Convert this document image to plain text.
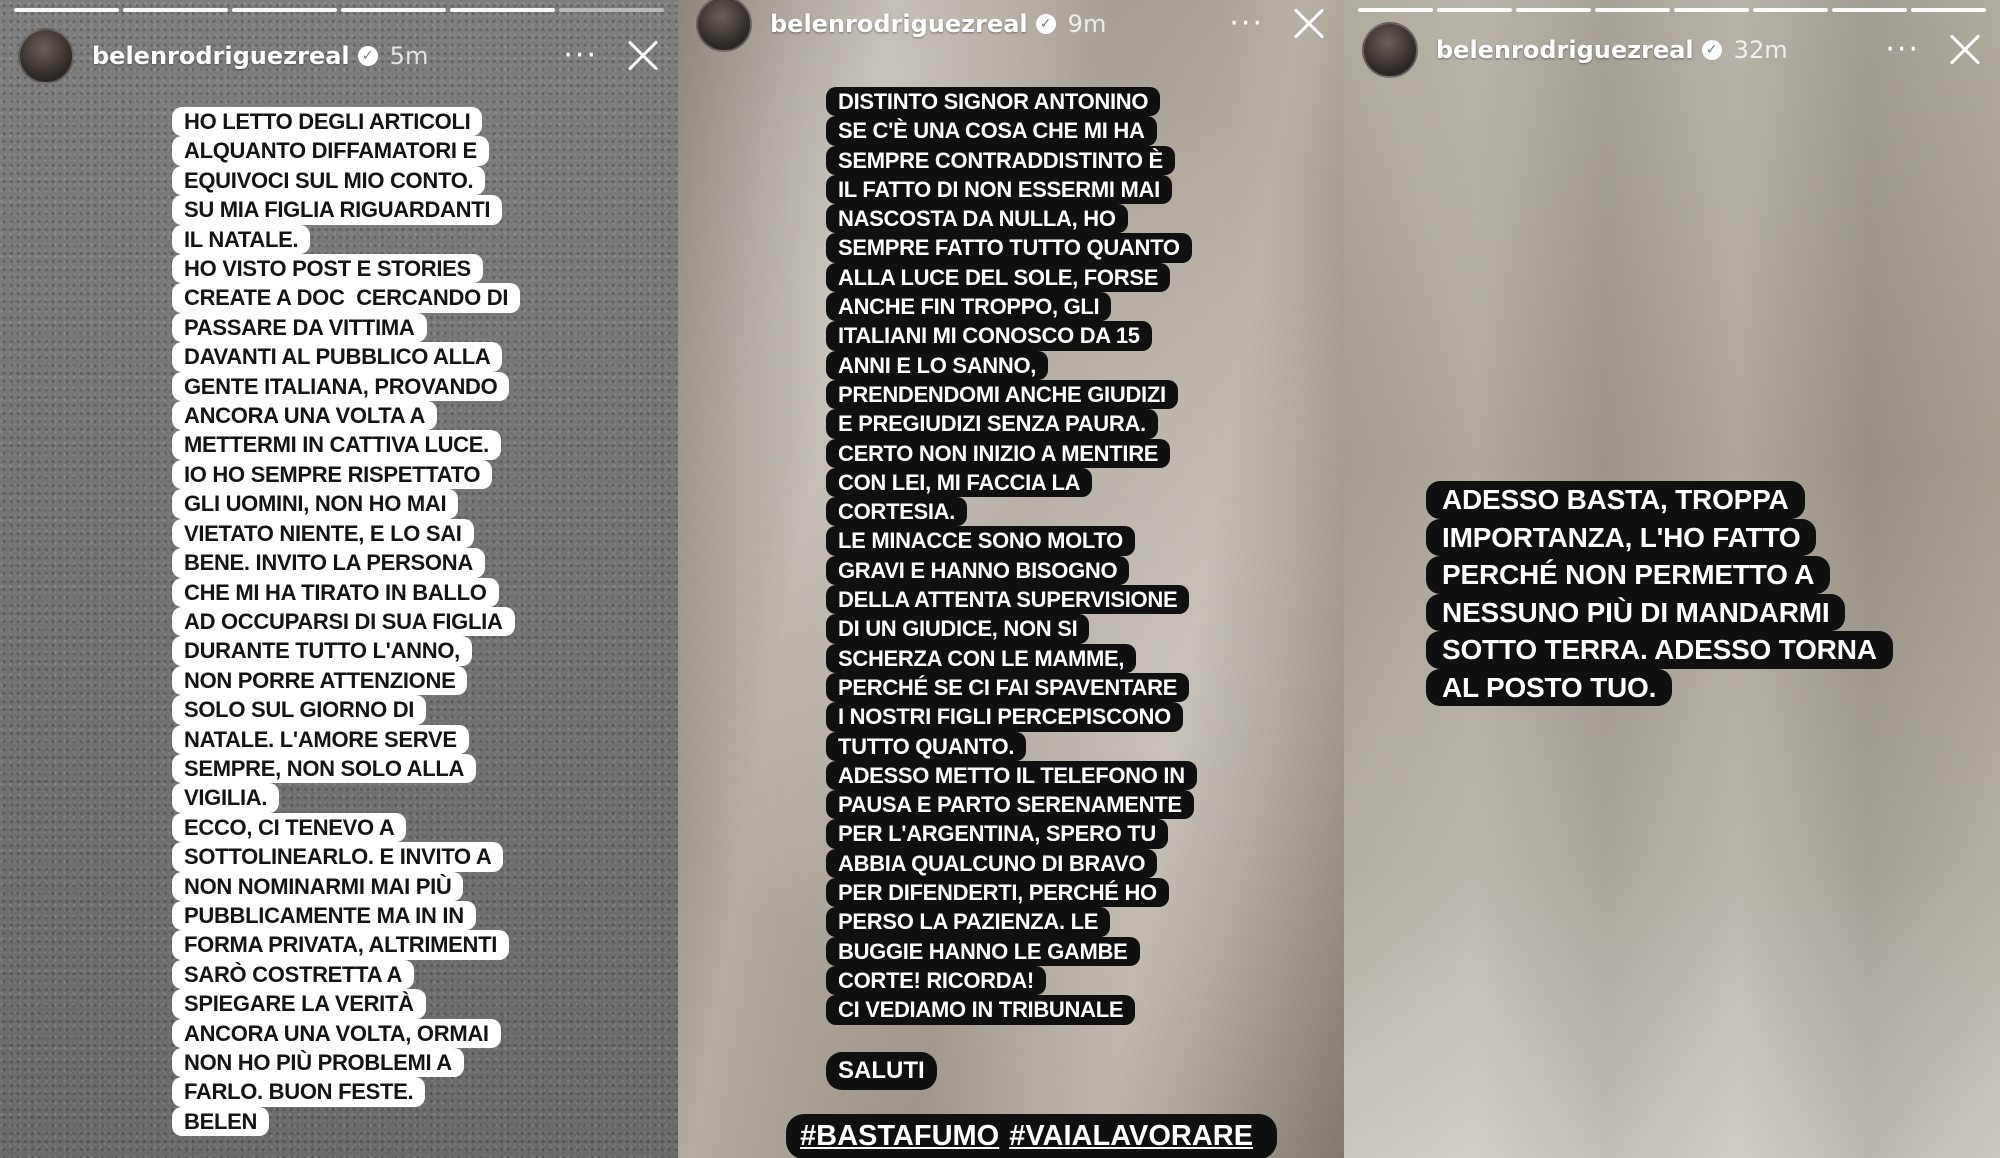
belenrodriguezreal ✓ 5m	···
HO LETTO DEGLI ARTICOLI
ALQUANTO DIFFAMATORI E
EQUIVOCI SUL MIO CONTO.
SU MIA FIGLIA RIGUARDANTI
IL NATALE.
HO VISTO POST E STORIES
CREATE A DOC  CERCANDO DI
PASSARE DA VITTIMA
DAVANTI AL PUBBLICO ALLA
GENTE ITALIANA, PROVANDO
ANCORA UNA VOLTA A
METTERMI IN CATTIVA LUCE.
IO HO SEMPRE RISPETTATO
GLI UOMINI, NON HO MAI
VIETATO NIENTE, E LO SAI
BENE. INVITO LA PERSONA
CHE MI HA TIRATO IN BALLO
AD OCCUPARSI DI SUA FIGLIA
DURANTE TUTTO L'ANNO,
NON PORRE ATTENZIONE
SOLO SUL GIORNO DI
NATALE. L'AMORE SERVE
SEMPRE, NON SOLO ALLA
VIGILIA.
ECCO, CI TENEVO A
SOTTOLINEARLO. E INVITO A
NON NOMINARMI MAI PIÙ
PUBBLICAMENTE MA IN IN
FORMA PRIVATA, ALTRIMENTI
SARÒ COSTRETTA A
SPIEGARE LA VERITÀ
ANCORA UNA VOLTA, ORMAI
NON HO PIÙ PROBLEMI A
FARLO. BUON FESTE.
BELEN
belenrodriguezreal ✓ 9m	···
DISTINTO SIGNOR ANTONINO
SE C'È UNA COSA CHE MI HA
SEMPRE CONTRADDISTINTO È
IL FATTO DI NON ESSERMI MAI
NASCOSTA DA NULLA, HO
SEMPRE FATTO TUTTO QUANTO
ALLA LUCE DEL SOLE, FORSE
ANCHE FIN TROPPO, GLI
ITALIANI MI CONOSCO DA 15
ANNI E LO SANNO,
PRENDENDOMI ANCHE GIUDIZI
E PREGIUDIZI SENZA PAURA.
CERTO NON INIZIO A MENTIRE
CON LEI, MI FACCIA LA
CORTESIA.
LE MINACCE SONO MOLTO
GRAVI E HANNO BISOGNO
DELLA ATTENTA SUPERVISIONE
DI UN GIUDICE, NON SI
SCHERZA CON LE MAMME,
PERCHÉ SE CI FAI SPAVENTARE
I NOSTRI FIGLI PERCEPISCONO
TUTTO QUANTO.
ADESSO METTO IL TELEFONO IN
PAUSA E PARTO SERENAMENTE
PER L'ARGENTINA, SPERO TU
ABBIA QUALCUNO DI BRAVO
PER DIFENDERTI, PERCHÉ HO
PERSO LA PAZIENZA. LE
BUGGIE HANNO LE GAMBE
CORTE! RICORDA!
CI VEDIAMO IN TRIBUNALE
SALUTI
#BASTAFUMO #VAIALAVORARE
belenrodriguezreal ✓ 32m	···
ADESSO BASTA, TROPPA
IMPORTANZA, L'HO FATTO
PERCHÉ NON PERMETTO A
NESSUNO PIÙ DI MANDARMI
SOTTO TERRA. ADESSO TORNA
AL POSTO TUO.
